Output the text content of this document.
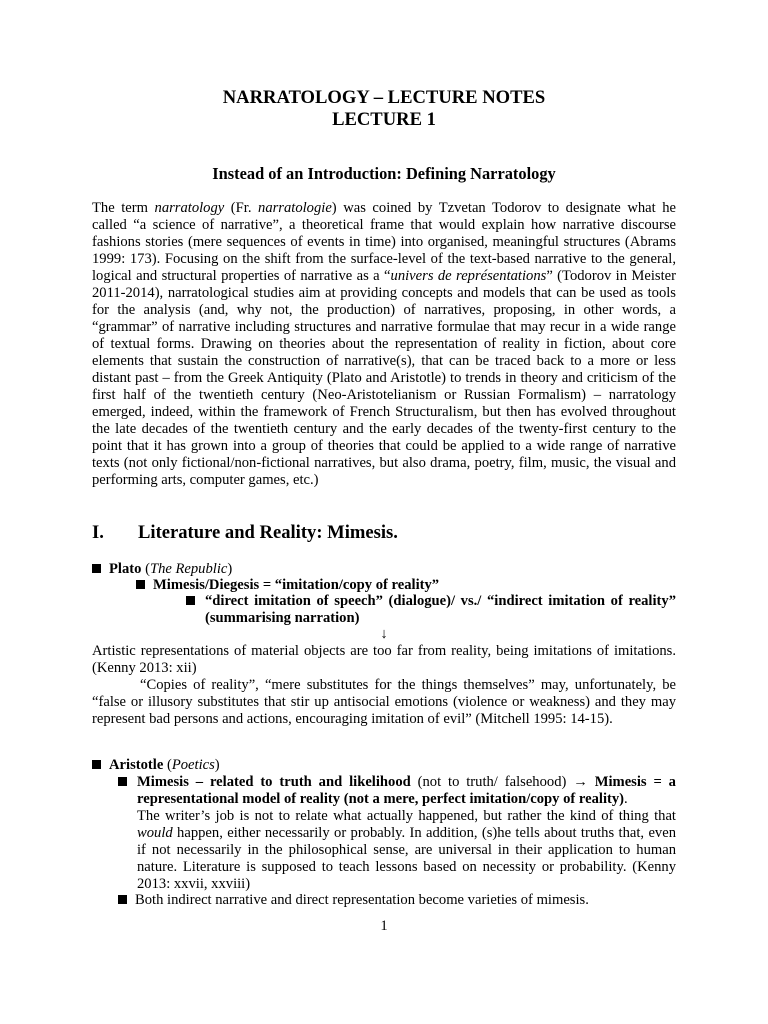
NARRATOLOGY – LECTURE NOTES
LECTURE 1
Instead of an Introduction: Defining Narratology
The term narratology (Fr. narratologie) was coined by Tzvetan Todorov to designate what he called “a science of narrative”, a theoretical frame that would explain how narrative discourse fashions stories (mere sequences of events in time) into organised, meaningful structures (Abrams 1999: 173). Focusing on the shift from the surface-level of the text-based narrative to the general, logical and structural properties of narrative as a “univers de représentations” (Todorov in Meister 2011-2014), narratological studies aim at providing concepts and models that can be used as tools for the analysis (and, why not, the production) of narratives, proposing, in other words, a “grammar” of narrative including structures and narrative formulae that may recur in a wide range of textual forms. Drawing on theories about the representation of reality in fiction, about core elements that sustain the construction of narrative(s), that can be traced back to a more or less distant past – from the Greek Antiquity (Plato and Aristotle) to trends in theory and criticism of the first half of the twentieth century (Neo-Aristotelianism or Russian Formalism) – narratology emerged, indeed, within the framework of French Structuralism, but then has evolved throughout the late decades of the twentieth century and the early decades of the twenty-first century to the point that it has grown into a group of theories that could be applied to a wide range of narrative texts (not only fictional/non-fictional narratives, but also drama, poetry, film, music, the visual and performing arts, computer games, etc.)
I. Literature and Reality: Mimesis.
Plato (The Republic)
Mimesis/Diegesis = “imitation/copy of reality”
“direct imitation of speech” (dialogue)/ vs./ “indirect imitation of reality” (summarising narration)
↓
Artistic representations of material objects are too far from reality, being imitations of imitations. (Kenny 2013: xii)
“Copies of reality”, “mere substitutes for the things themselves” may, unfortunately, be “false or illusory substitutes that stir up antisocial emotions (violence or weakness) and they may represent bad persons and actions, encouraging imitation of evil” (Mitchell 1995: 14-15).
Aristotle (Poetics)
Mimesis – related to truth and likelihood (not to truth/ falsehood) → Mimesis = a representational model of reality (not a mere, perfect imitation/copy of reality).
The writer’s job is not to relate what actually happened, but rather the kind of thing that would happen, either necessarily or probably. In addition, (s)he tells about truths that, even if not necessarily in the philosophical sense, are universal in their application to human nature. Literature is supposed to teach lessons based on necessity or probability. (Kenny 2013: xxvii, xxviii)
Both indirect narrative and direct representation become varieties of mimesis.
1
